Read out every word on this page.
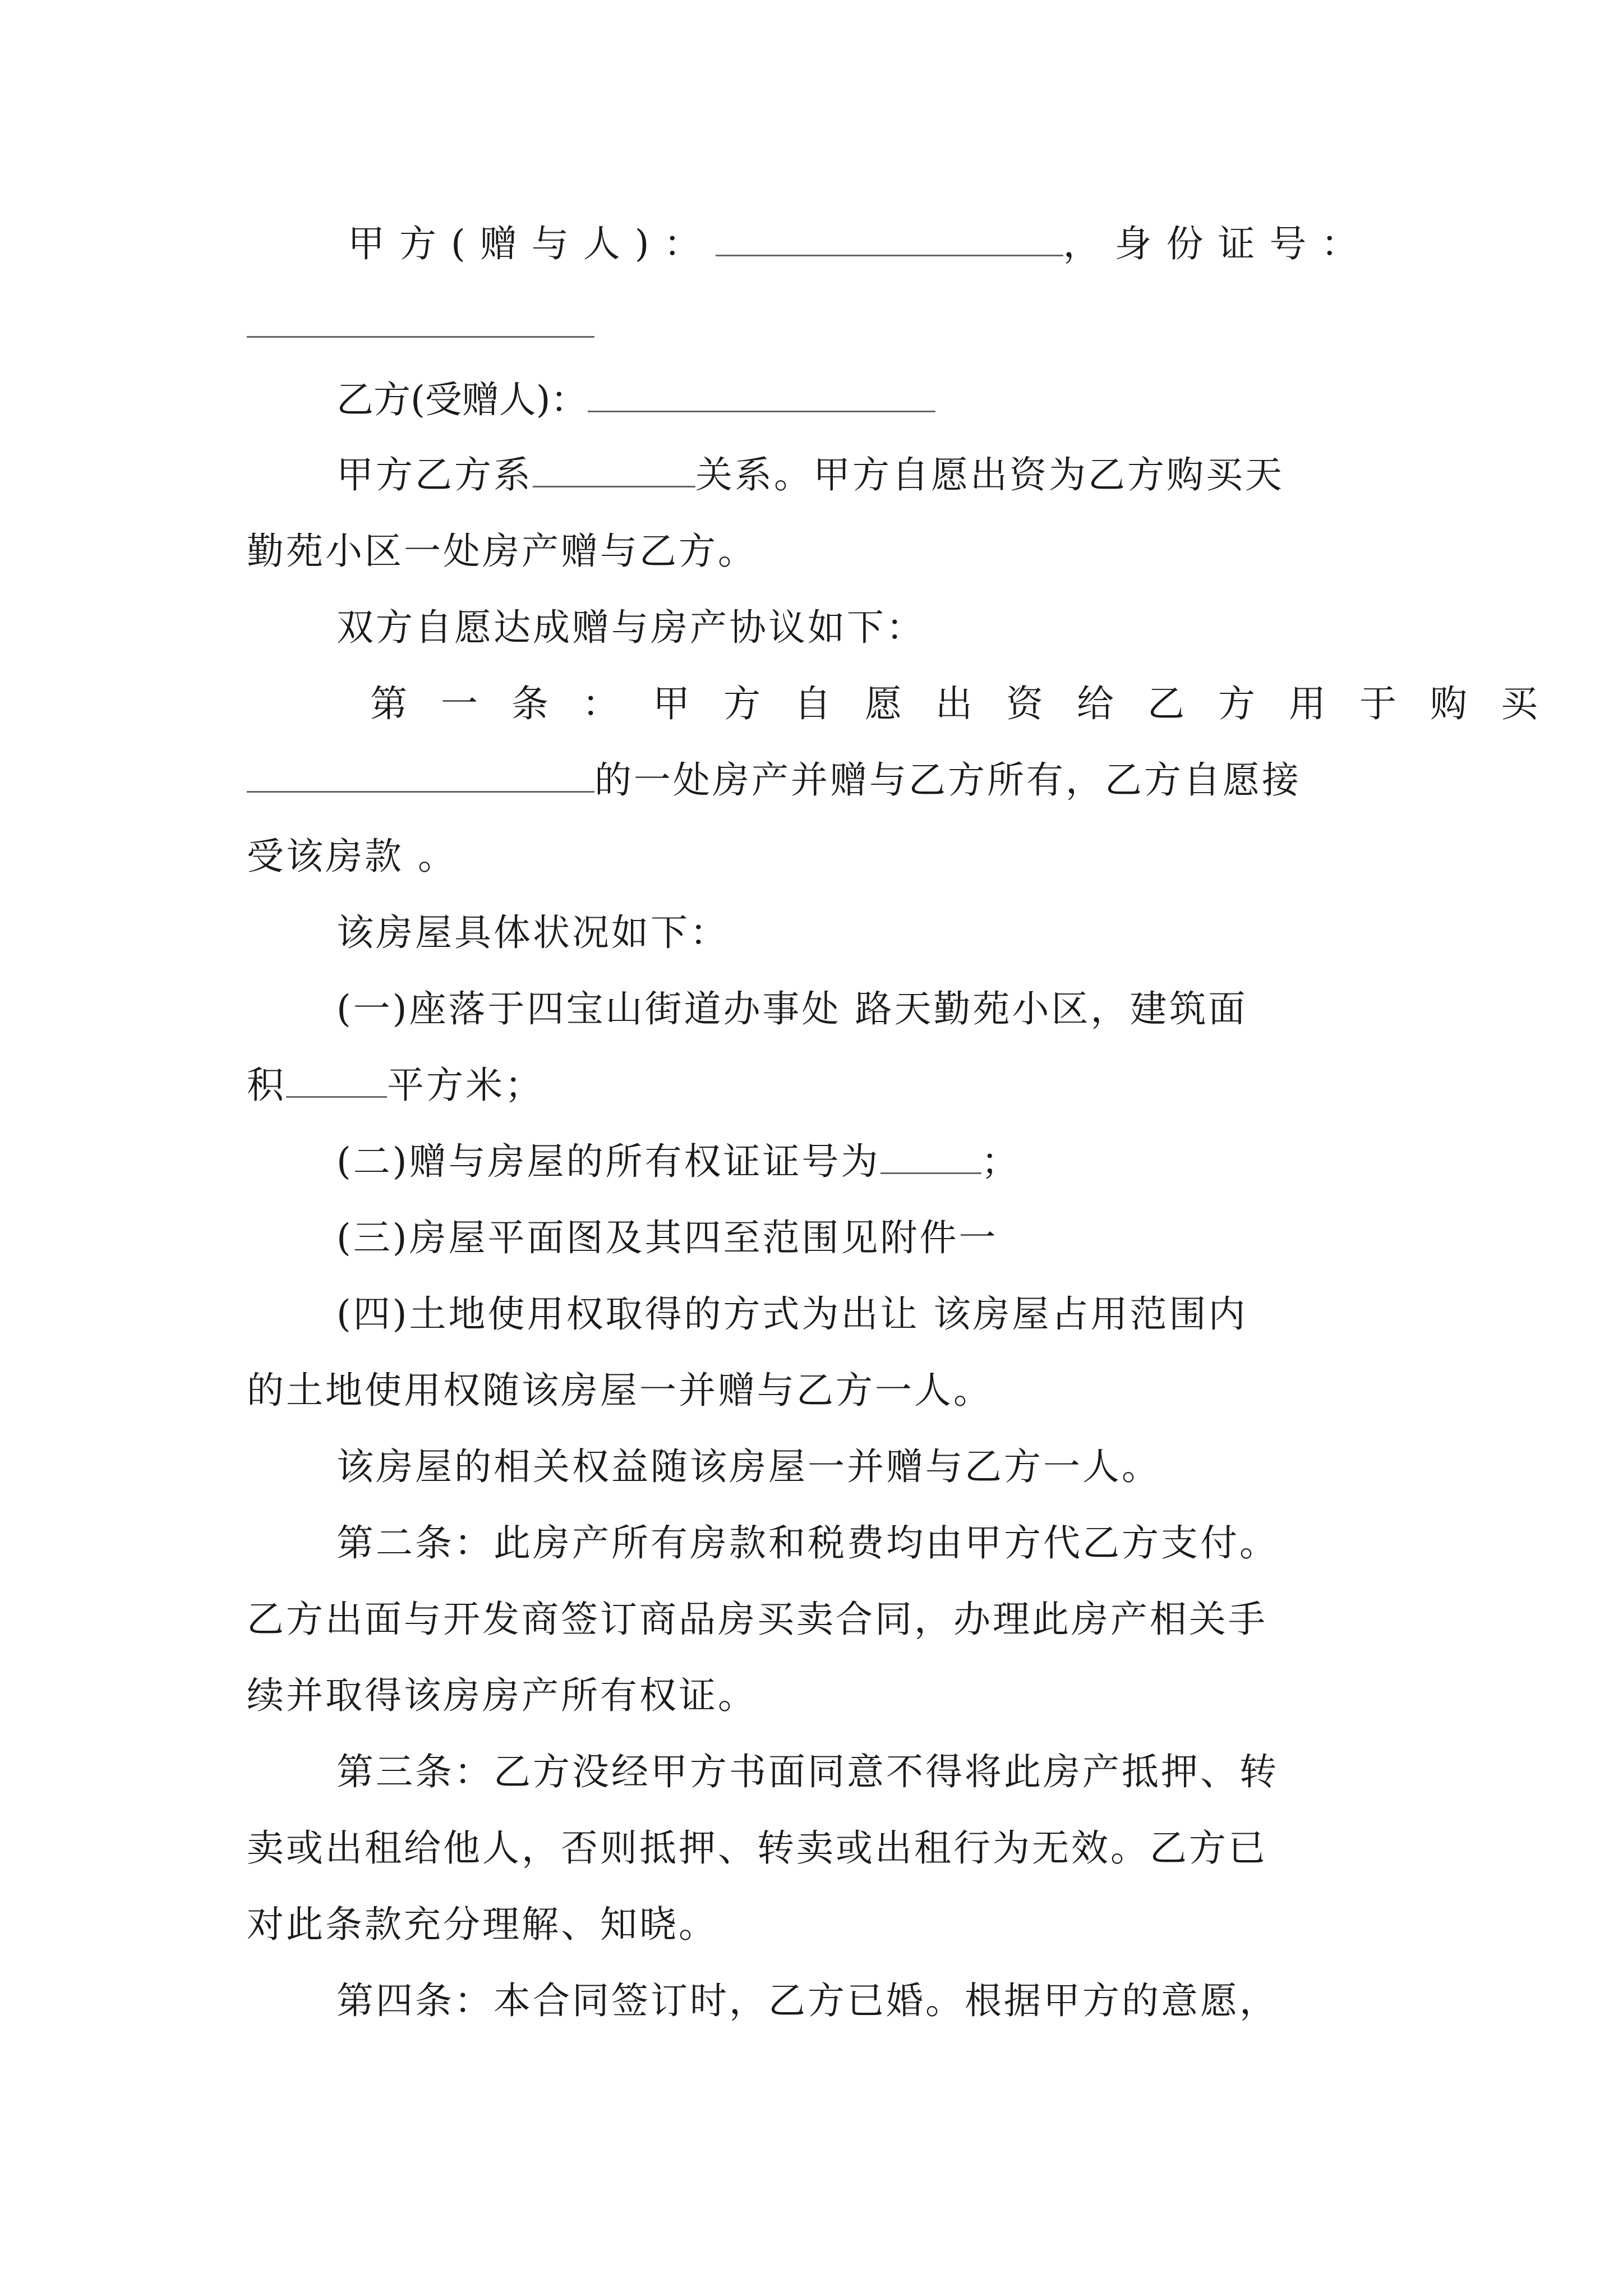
甲方(赠与人)：	，身份证号：
乙方(受赠人)：
甲方乙方系	关系。甲方自愿出资为乙方购买天
勤苑小区一处房产赠与乙方。
双方自愿达成赠与房产协议如下：
第一条：甲方自愿出资给乙方用于购买
的一处房产并赠与乙方所有，乙方自愿接
受该房款 。
该房屋具体状况如下：
(一)座落于四宝山街道办事处 路天勤苑小区，建筑面
积	平方米；
(二)赠与房屋的所有权证证号为	；
(三)房屋平面图及其四至范围见附件一
(四)土地使用权取得的方式为出让 该房屋占用范围内
的土地使用权随该房屋一并赠与乙方一人。
该房屋的相关权益随该房屋一并赠与乙方一人。
第二条：此房产所有房款和税费均由甲方代乙方支付。
乙方出面与开发商签订商品房买卖合同，办理此房产相关手
续并取得该房房产所有权证。
第三条：乙方没经甲方书面同意不得将此房产抵押、转
卖或出租给他人，否则抵押、转卖或出租行为无效。乙方已
对此条款充分理解、知晓。
第四条：本合同签订时，乙方已婚。根据甲方的意愿，
